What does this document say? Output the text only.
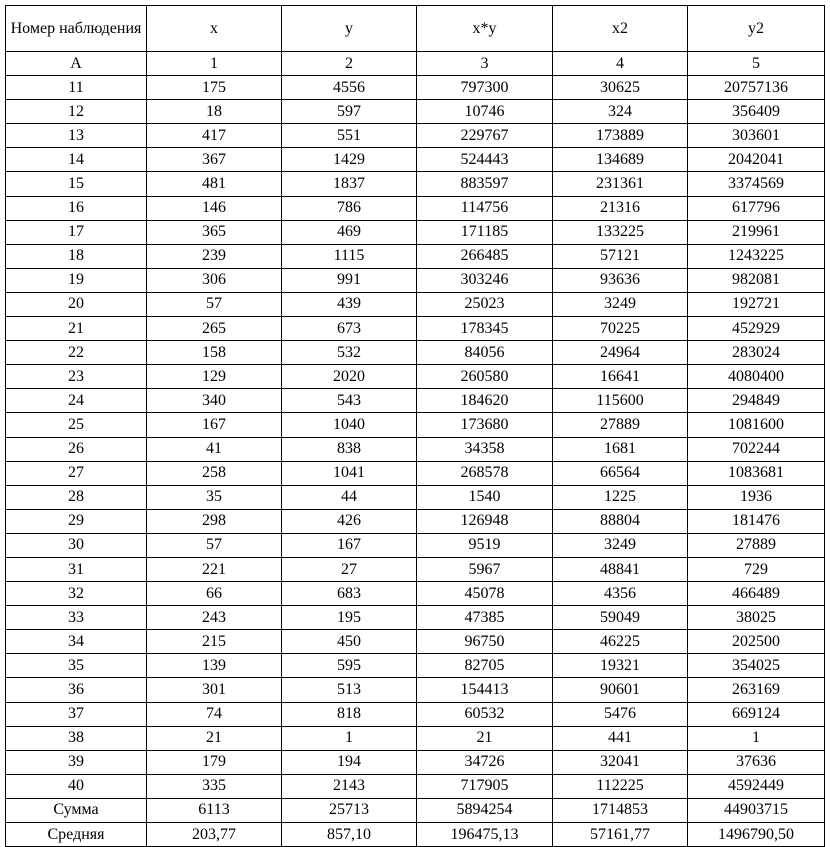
Номер наблюдения	x	y	x*y	x2	y2
А	1	2	3	4	5
11	175	4556	797300	30625	20757136
12	18	597	10746	324	356409
13	417	551	229767	173889	303601
14	367	1429	524443	134689	2042041
15	481	1837	883597	231361	3374569
16	146	786	114756	21316	617796
17	365	469	171185	133225	219961
18	239	1115	266485	57121	1243225
19	306	991	303246	93636	982081
20	57	439	25023	3249	192721
21	265	673	178345	70225	452929
22	158	532	84056	24964	283024
23	129	2020	260580	16641	4080400
24	340	543	184620	115600	294849
25	167	1040	173680	27889	1081600
26	41	838	34358	1681	702244
27	258	1041	268578	66564	1083681
28	35	44	1540	1225	1936
29	298	426	126948	88804	181476
30	57	167	9519	3249	27889
31	221	27	5967	48841	729
32	66	683	45078	4356	466489
33	243	195	47385	59049	38025
34	215	450	96750	46225	202500
35	139	595	82705	19321	354025
36	301	513	154413	90601	263169
37	74	818	60532	5476	669124
38	21	1	21	441	1
39	179	194	34726	32041	37636
40	335	2143	717905	112225	4592449
Сумма	6113	25713	5894254	1714853	44903715
Средняя	203,77	857,10	196475,13	57161,77	1496790,50
